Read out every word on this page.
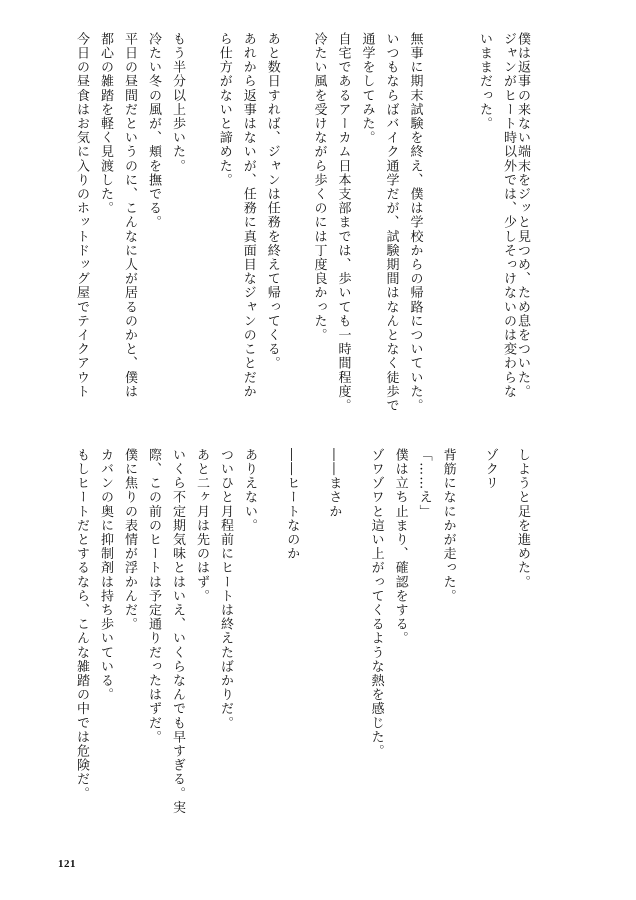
僕は返事の来ない端末をジッと見つめ、ため息をついた。
ジャンがヒート時以外では、少しそっけないのは変わらな
いままだった。
無事に期末試験を終え、僕は学校からの帰路についていた。
いつもならばバイク通学だが、試験期間はなんとなく徒歩で
通学をしてみた。
自宅であるアーカム日本支部までは、歩いても一時間程度。
冷たい風を受けながら歩くのには丁度良かった。
あと数日すれば、ジャンは任務を終えて帰ってくる。
あれから返事はないが、任務に真面目なジャンのことだか
ら仕方がないと諦めた。
もう半分以上歩いた。
冷たい冬の風が、頬を撫でる。
平日の昼間だというのに、こんなに人が居るのかと、僕は
都心の雑踏を軽く見渡した。
今日の昼食はお気に入りのホットドッグ屋でテイクアウト
しようと足を進めた。
ゾクリ
背筋になにかが走った。
「……え」
僕は立ち止まり、確認をする。
ゾワゾワと這い上がってくるような熱を感じた。
――まさか
――ヒートなのか
ありえない。
ついひと月程前にヒートは終えたばかりだ。
あと二ヶ月は先のはず。
いくら不定期気味とはいえ、いくらなんでも早すぎる。実
際、この前のヒートは予定通りだったはずだ。
僕に焦りの表情が浮かんだ。
カバンの奥に抑制剤は持ち歩いている。
もしヒートだとするなら、こんな雑踏の中では危険だ。
121
